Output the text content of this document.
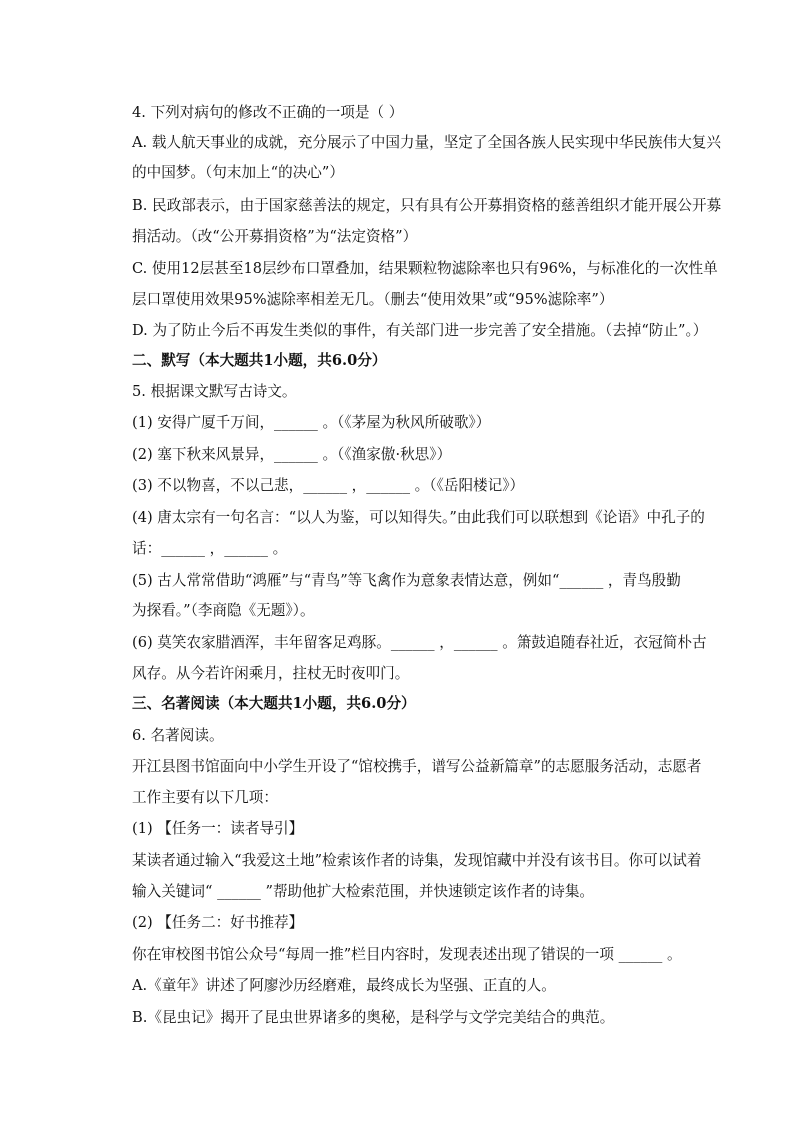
4. 下列对病句的修改不正确的一项是（ ）
A. 载人航天事业的成就，充分展示了中国力量，坚定了全国各族人民实现中华民族伟大复兴
的中国梦。（句末加上“的决心”）
B. 民政部表示，由于国家慈善法的规定，只有具有公开募捐资格的慈善组织才能开展公开募
捐活动。（改“公开募捐资格”为“法定资格”）
C. 使用12层甚至18层纱布口罩叠加，结果颗粒物滤除率也只有96%，与标准化的一次性单
层口罩使用效果95%滤除率相差无几。（删去“使用效果”或“95%滤除率”）
D. 为了防止今后不再发生类似的事件，有关部门进一步完善了安全措施。（去掉“防止”。）
二、默写（本大题共1小题，共6.0分）
5. 根据课文默写古诗文。
(1) 安得广厦千万间，______ 。（《茅屋为秋风所破歌》）
(2) 塞下秋来风景异，______ 。（《渔家傲·秋思》）
(3) 不以物喜，不以己悲，______ ，______ 。（《岳阳楼记》）
(4) 唐太宗有一句名言：“以人为鉴，可以知得失。”由此我们可以联想到《论语》中孔子的
话：______ ，______ 。
(5) 古人常常借助“鸿雁”与“青鸟”等飞禽作为意象表情达意，例如“______ ，青鸟殷勤
为探看。”（李商隐《无题》）。
(6) 莫笑农家腊酒浑，丰年留客足鸡豚。______ ，______ 。箫鼓追随春社近，衣冠简朴古
风存。从今若许闲乘月，拄杖无时夜叩门。
三、名著阅读（本大题共1小题，共6.0分）
6. 名著阅读。
开江县图书馆面向中小学生开设了“馆校携手，谱写公益新篇章”的志愿服务活动，志愿者
工作主要有以下几项：
(1) 【任务一：读者导引】
某读者通过输入“我爱这土地”检索该作者的诗集，发现馆藏中并没有该书目。你可以试着
输入关键词“ ______ ”帮助他扩大检索范围，并快速锁定该作者的诗集。
(2) 【任务二：好书推荐】
你在审校图书馆公众号“每周一推”栏目内容时，发现表述出现了错误的一项 ______ 。
A.《童年》讲述了阿廖沙历经磨难，最终成长为坚强、正直的人。
B.《昆虫记》揭开了昆虫世界诸多的奥秘，是科学与文学完美结合的典范。
